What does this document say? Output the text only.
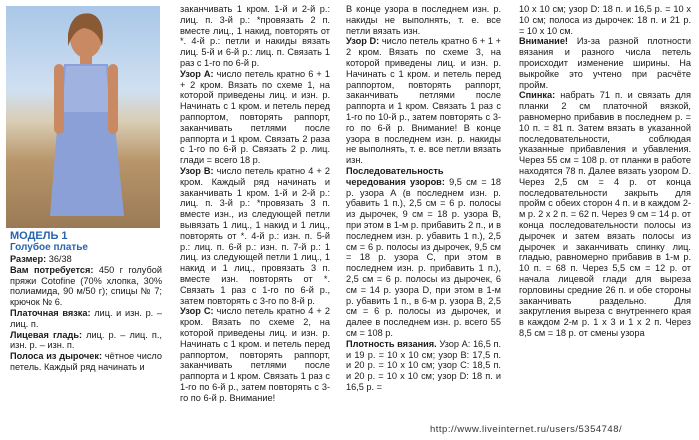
МОДЕЛЬ 1

Голубое платье

Размер: 36/38

Вам потребуется: 450 г голубой пряжи Cotofine (70% хлопка, 30% полиамида, 90 м/50 г); спицы № 7; крючок № 6.

Платочная вязка: лиц. и изн. р. – лиц. п.

Лицевая гладь: лиц. р. – лиц. п., изн. р. – изн. п.

Полоса из дырочек: чётное число петель. Каждый ряд начинать и

заканчивать 1 кром. 1-й и 2-й р.: лиц. п. 3-й р.: *провязать 2 п. вместе лиц., 1 накид, повторять от *. 4-й р.: петли и накиды вязать лиц. 5-й и 6-й р.: лиц. п. Связать 1 раз с 1-го по 6-й р.

Узор А: число петель кратно 6 + 1 + 2 кром. Вязать по схеме 1, на которой приведены лиц. и изн. р. Начинать с 1 кром. и петель перед раппортом, повторять раппорт, заканчивать петлями после раппорта и 1 кром. Связать 2 раза с 1-го по 6-й р. Связать 2 р. лиц. глади = всего 18 р.

Узор В: число петель кратно 4 + 2 кром. Каждый ряд начинать и заканчивать 1 кром. 1-й и 2-й р.: лиц. п. 3-й р.: *провязать 3 п. вместе изн., из следующей петли вывязать 1 лиц., 1 накид и 1 лиц., повторять от *. 4-й р.: изн. п. 5-й р.: лиц. п. 6-й р.: изн. п. 7-й р.: 1 лиц. из следующей петли 1 лиц., 1 накид и 1 лиц., провязать 3 п. вместе изн. повторять от *. Связать 1 раз с 1-го по 6-й р., затем повторять с 3-го по 8-й р.

Узор С: число петель кратно 4 + 2 кром. Вязать по схеме 2, на которой приведены лиц. и изн. р. Начинать с 1 кром. и петель перед раппортом, повторять раппорт, заканчивать петлями после раппорта и 1 кром. Связать 1 раз с 1-го по 6-й р., затем повторять с 3-го по 6-й р. Внимание!

В конце узора в последнем изн. р. накиды не выполнять, т. е. все петли вязать изн.

Узор D: число петель кратно 6 + 1 + 2 кром. Вязать по схеме 3, на которой приведены лиц. и изн. р. Начинать с 1 кром. и петель перед раппортом, повторять раппорт, заканчивать петлями после раппорта и 1 кром. Связать 1 раз с 1-го по 10-й р., затем повторять с 3-го по 6-й р. Внимание! В конце узора в последнем изн. р. накиды не выполнять, т. е. все петли вязать изн.

Последовательность чередования узоров: 9,5 см = 18 р. узора А (в последнем изн. р. убавить 1 п.), 2,5 см = 6 р. полосы из дырочек, 9 см = 18 р. узора В, при этом в 1-м р. прибавить 2 п., и в последнем изн. р. убавить 1 п.), 2,5 см = 6 р. полосы из дырочек, 9,5 см = 18 р. узора С, при этом в последнем изн. р. прибавить 1 п.), 2,5 см = 6 р. полосы из дырочек, 6 см = 14 р. узора D, при этом в 1-м р. убавить 1 п., в 6-м р. узора В, 2,5 см = 6 р. полосы из дырочек, и далее в последнем изн. р. всего 55 см = 108 р.

Плотность вязания. Узор А: 16,5 п. и 19 р. = 10 х 10 см; узор В: 17,5 п. и 20 р. = 10 х 10 см; узор С: 18,5 п. и 20 р. = 10 х 10 см; узор D: 18 п. и 16,5 р. =

10 х 10 см; узор D: 18 п. и 16,5 р. = 10 х 10 см; полоса из дырочек: 18 п. и 21 р. = 10 х 10 см.

Внимание! Из-за разной плотности вязания и разного числа петель происходит изменение ширины. На выкройке это учтено при расчёте пройм.

Спинка: набрать 71 п. и связать для планки 2 см платочной вязкой, равномерно прибавив в последнем р. = 10 п. = 81 п. Затем вязать в указанной последовательности, соблюдая указанные прибавления и убавления. Через 55 см = 108 р. от планки в работе находятся 78 п. Далее вязать узором D. Через 2,5 см = 4 р. от конца последовательности закрыть для пройм с обеих сторон 4 п. и в каждом 2-м р. 2 х 2 п. = 62 п. Через 9 см = 14 р. от конца последовательности полосы из дырочек и затем вязать полосы из дырочек и заканчивать спинку лиц. гладью, равномерно прибавив в 1-м р. 10 п. = 68 п. Через 5,5 см = 12 р. от начала лицевой глади для выреза горловины средние 26 п. и обе стороны заканчивать раздельно. Для закругления выреза с внутреннего края в каждом 2-м р. 1 х 3 и 1 х 2 п. Через 8,5 см = 18 р. от смены узора

http://www.liveinternet.ru/users/5354748/
